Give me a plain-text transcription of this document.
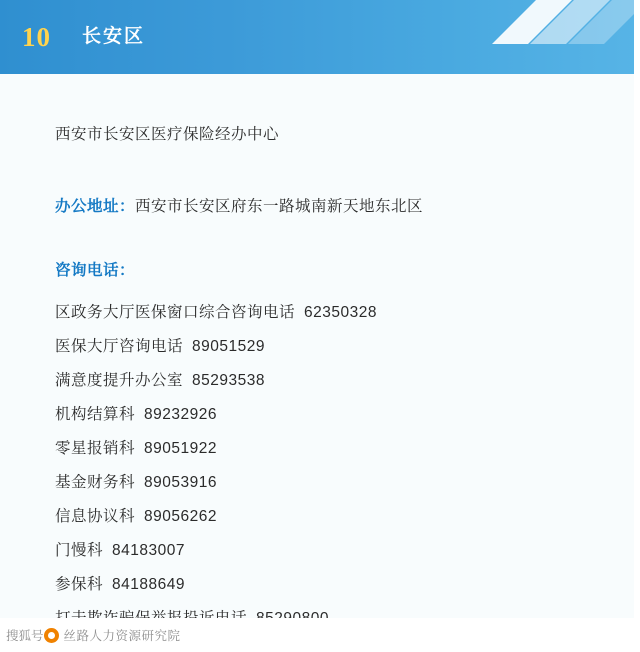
10 长安区
西安市长安区医疗保险经办中心
办公地址：西安市长安区府东一路城南新天地东北区
咨询电话：
区政务大厅医保窗口综合咨询电话 62350328
医保大厅咨询电话 89051529
满意度提升办公室 85293538
机构结算科 89232926
零星报销科 89051922
基金财务科 89053916
信息协议科 89056262
门慢科 84183007
参保科 84188649
搜狐号 丝路人力资源研究院
